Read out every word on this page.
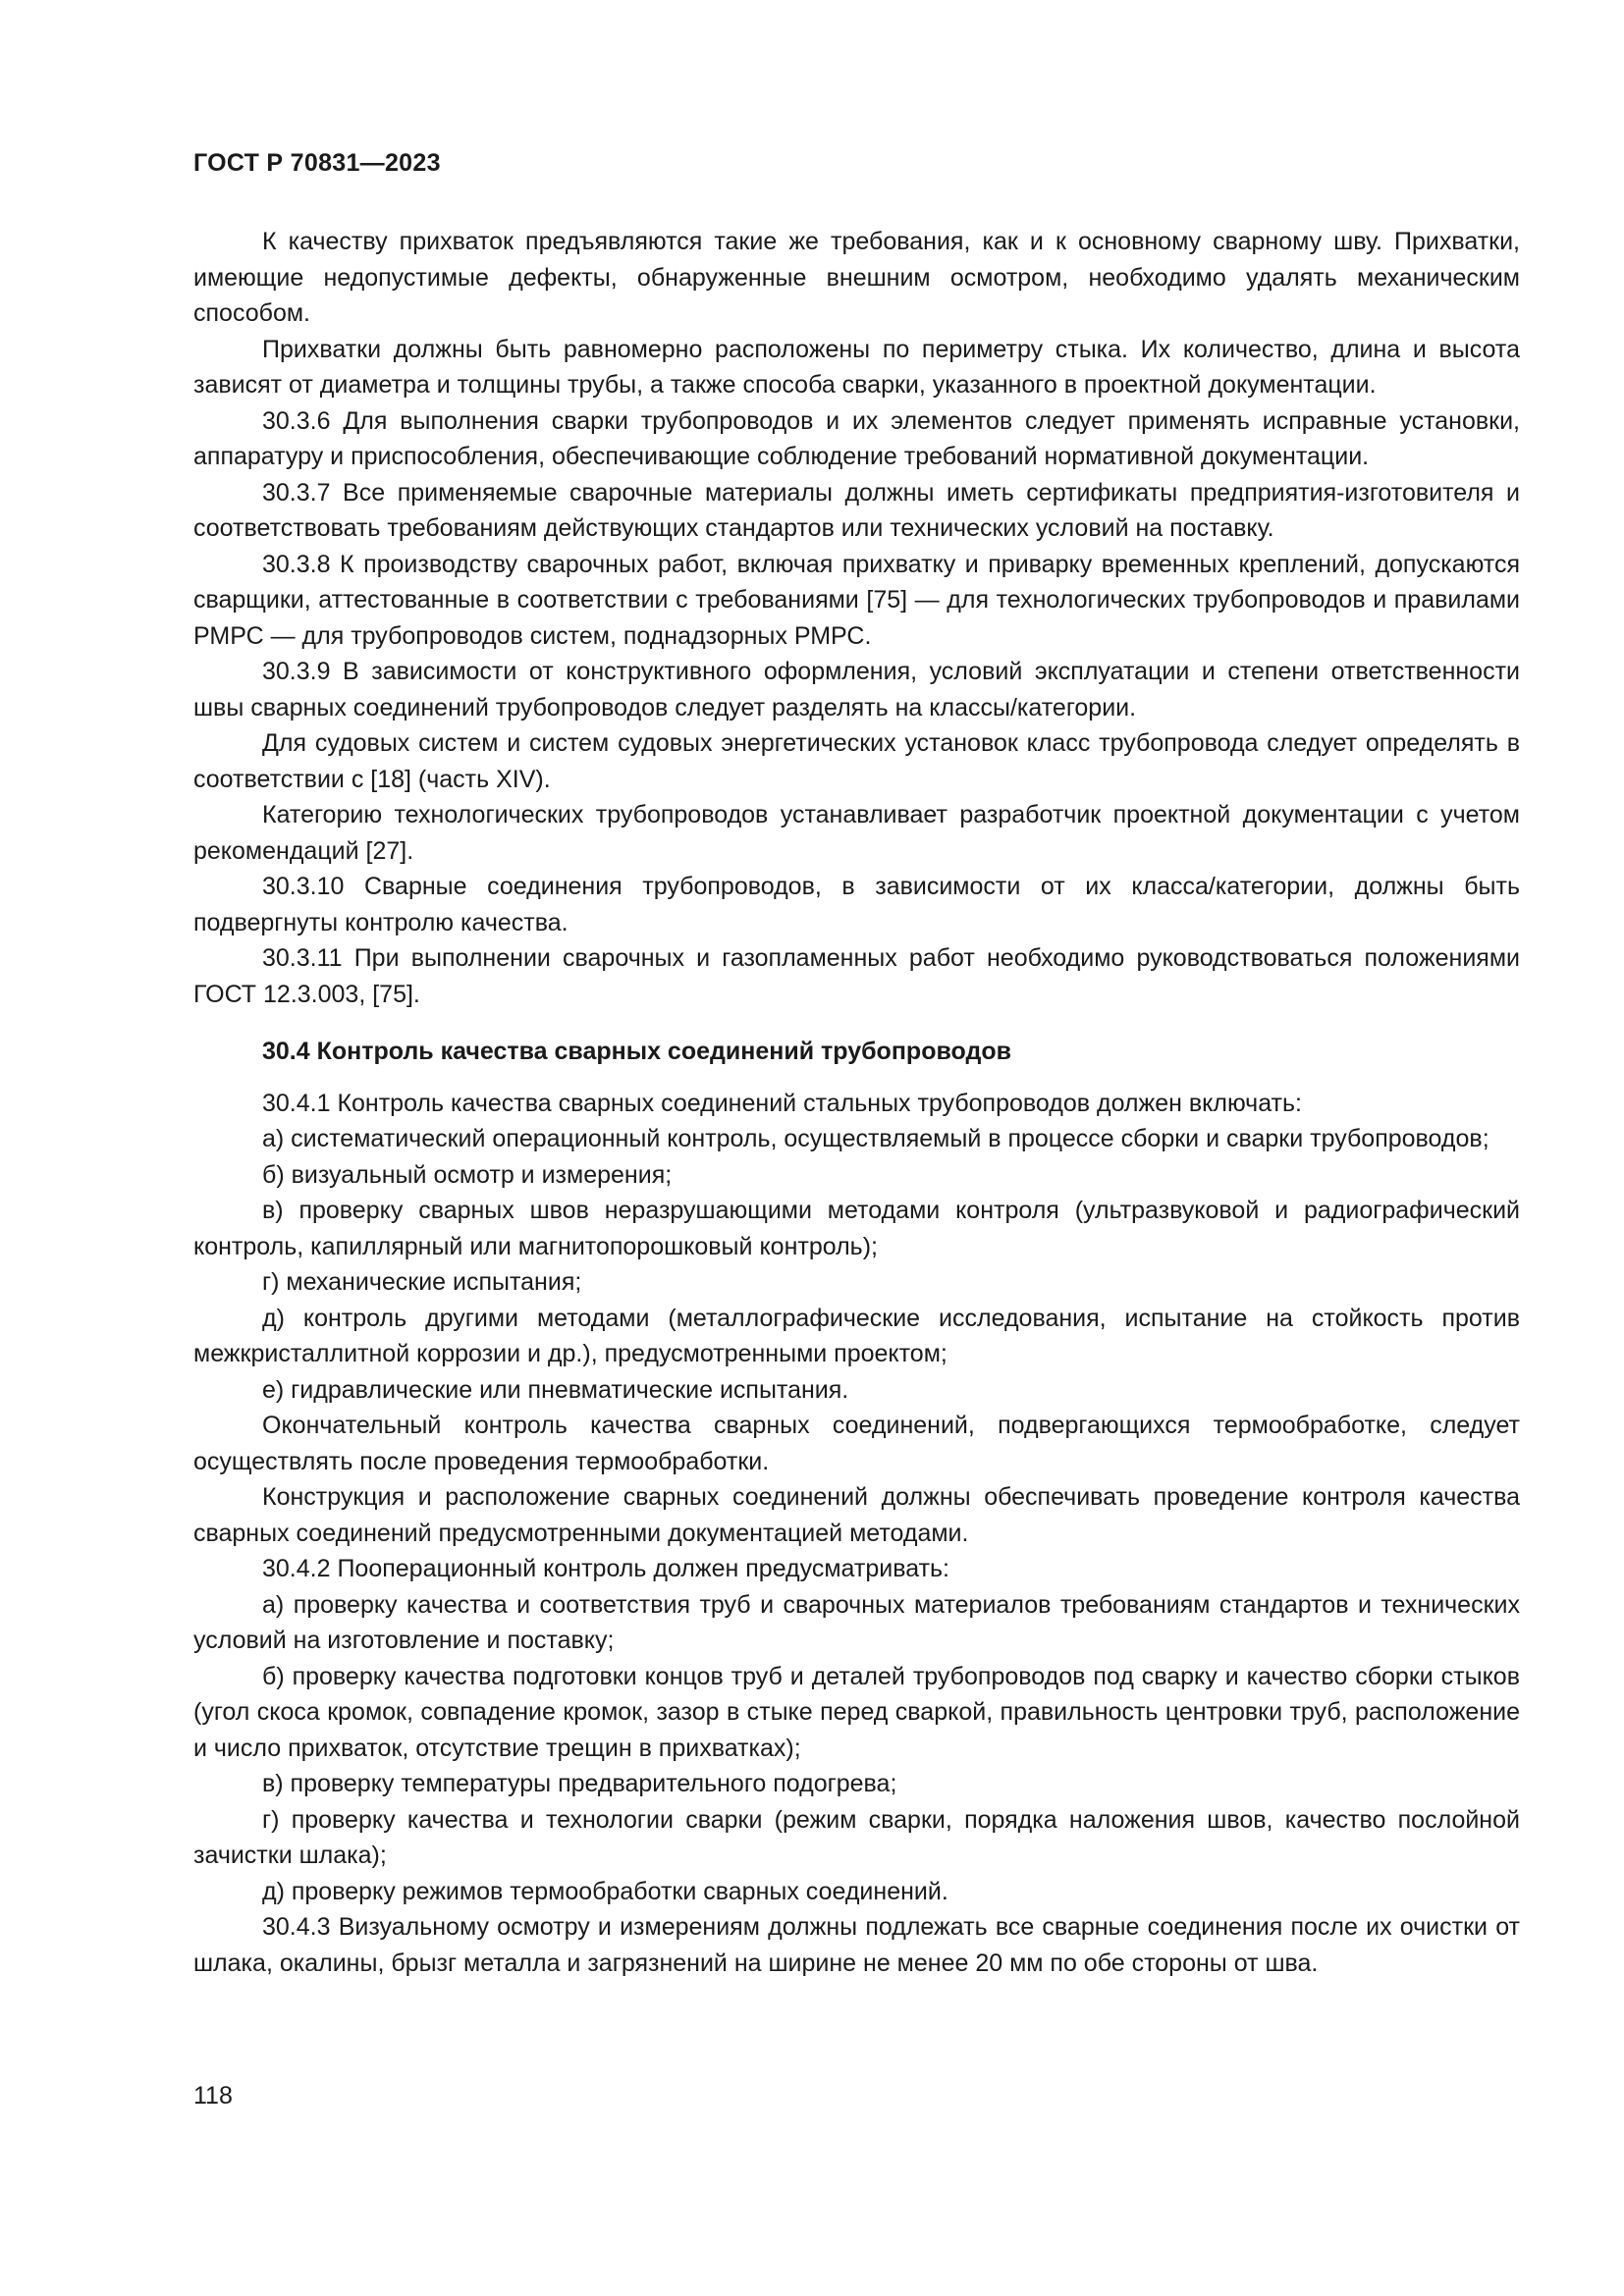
ГОСТ Р 70831—2023

К качеству прихваток предъявляются такие же требования, как и к основному сварному шву. Прихватки, имеющие недопустимые дефекты, обнаруженные внешним осмотром, необходимо удалять механическим способом.

Прихватки должны быть равномерно расположены по периметру стыка. Их количество, длина и высота зависят от диаметра и толщины трубы, а также способа сварки, указанного в проектной документации.

30.3.6 Для выполнения сварки трубопроводов и их элементов следует применять исправные установки, аппаратуру и приспособления, обеспечивающие соблюдение требований нормативной документации.

30.3.7 Все применяемые сварочные материалы должны иметь сертификаты предприятия-изготовителя и соответствовать требованиям действующих стандартов или технических условий на поставку.

30.3.8 К производству сварочных работ, включая прихватку и приварку временных креплений, допускаются сварщики, аттестованные в соответствии с требованиями [75] — для технологических трубопроводов и правилами РМРС — для трубопроводов систем, поднадзорных РМРС.

30.3.9 В зависимости от конструктивного оформления, условий эксплуатации и степени ответственности швы сварных соединений трубопроводов следует разделять на классы/категории.

Для судовых систем и систем судовых энергетических установок класс трубопровода следует определять в соответствии с [18] (часть XIV).

Категорию технологических трубопроводов устанавливает разработчик проектной документации с учетом рекомендаций [27].

30.3.10 Сварные соединения трубопроводов, в зависимости от их класса/категории, должны быть подвергнуты контролю качества.

30.3.11 При выполнении сварочных и газопламенных работ необходимо руководствоваться положениями ГОСТ 12.3.003, [75].

30.4 Контроль качества сварных соединений трубопроводов

30.4.1 Контроль качества сварных соединений стальных трубопроводов должен включать:

а) систематический операционный контроль, осуществляемый в процессе сборки и сварки трубопроводов;

б) визуальный осмотр и измерения;

в) проверку сварных швов неразрушающими методами контроля (ультразвуковой и радиографический контроль, капиллярный или магнитопорошковый контроль);

г) механические испытания;

д) контроль другими методами (металлографические исследования, испытание на стойкость против межкристаллитной коррозии и др.), предусмотренными проектом;

е) гидравлические или пневматические испытания.

Окончательный контроль качества сварных соединений, подвергающихся термообработке, следует осуществлять после проведения термообработки.

Конструкция и расположение сварных соединений должны обеспечивать проведение контроля качества сварных соединений предусмотренными документацией методами.

30.4.2 Пооперационный контроль должен предусматривать:

а) проверку качества и соответствия труб и сварочных материалов требованиям стандартов и технических условий на изготовление и поставку;

б) проверку качества подготовки концов труб и деталей трубопроводов под сварку и качество сборки стыков (угол скоса кромок, совпадение кромок, зазор в стыке перед сваркой, правильность центровки труб, расположение и число прихваток, отсутствие трещин в прихватках);

в) проверку температуры предварительного подогрева;

г) проверку качества и технологии сварки (режим сварки, порядка наложения швов, качество послойной зачистки шлака);

д) проверку режимов термообработки сварных соединений.

30.4.3 Визуальному осмотру и измерениям должны подлежать все сварные соединения после их очистки от шлака, окалины, брызг металла и загрязнений на ширине не менее 20 мм по обе стороны от шва.

118
